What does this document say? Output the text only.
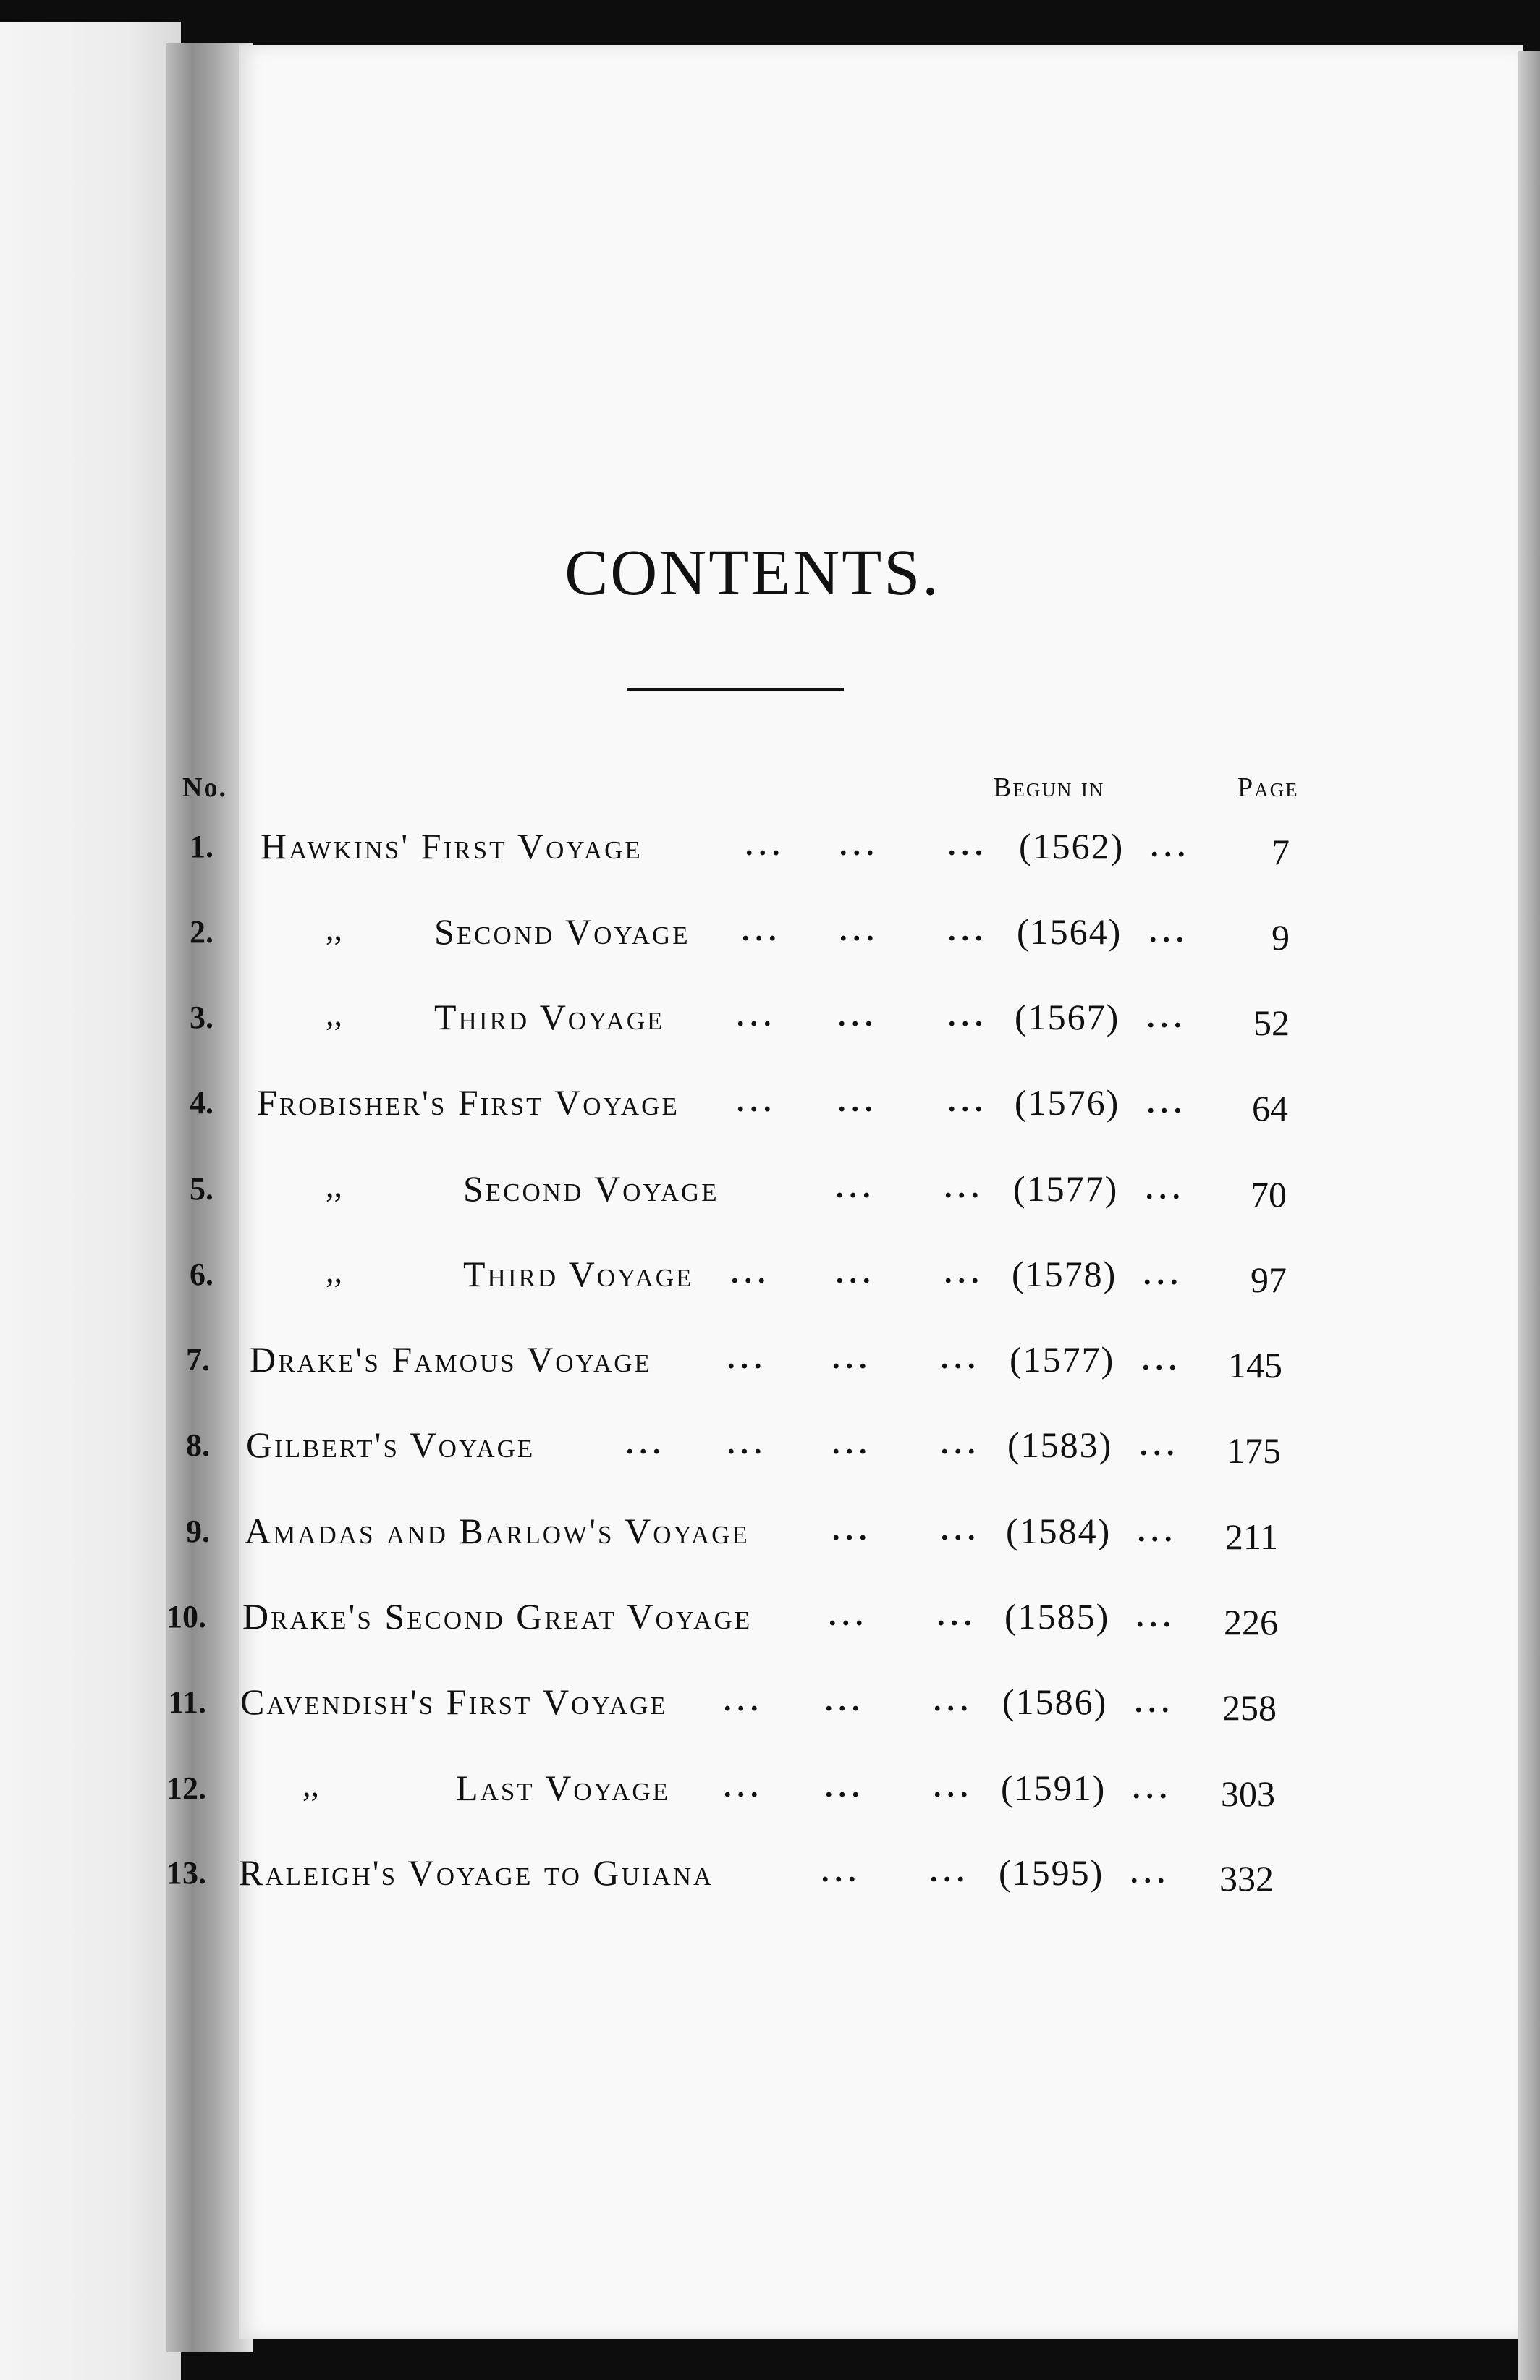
CONTENTS.
No.	Begun in	Page
1. Hawkins' First Voyage	... ... ... (1562) ...	7
2.	,,	Second Voyage ... ... ... (1564) ...	9
3.	,,	Third Voyage ... ... ... (1567) ...	52
4. Frobisher's First Voyage ... ... ... (1576) ...	64
5.	,,	Second Voyage	... ... (1577) ...	70
6.	,,	Third Voyage ... ... ... (1578) ...	97
7. Drake's Famous Voyage ... ... ... (1577) ...	145
8. Gilbert's Voyage	... ... ... ... (1583) ...	175
9. Amadas and Barlow's Voyage	... ... (1584) ...	211
10. Drake's Second Great Voyage	... ... (1585) ...	226
11. Cavendish's First Voyage ... ... ... (1586) ...	258
12.	,,	Last Voyage ... ... ... (1591) ...	303
13. Raleigh's Voyage to Guiana	... ... (1595) ...	332
